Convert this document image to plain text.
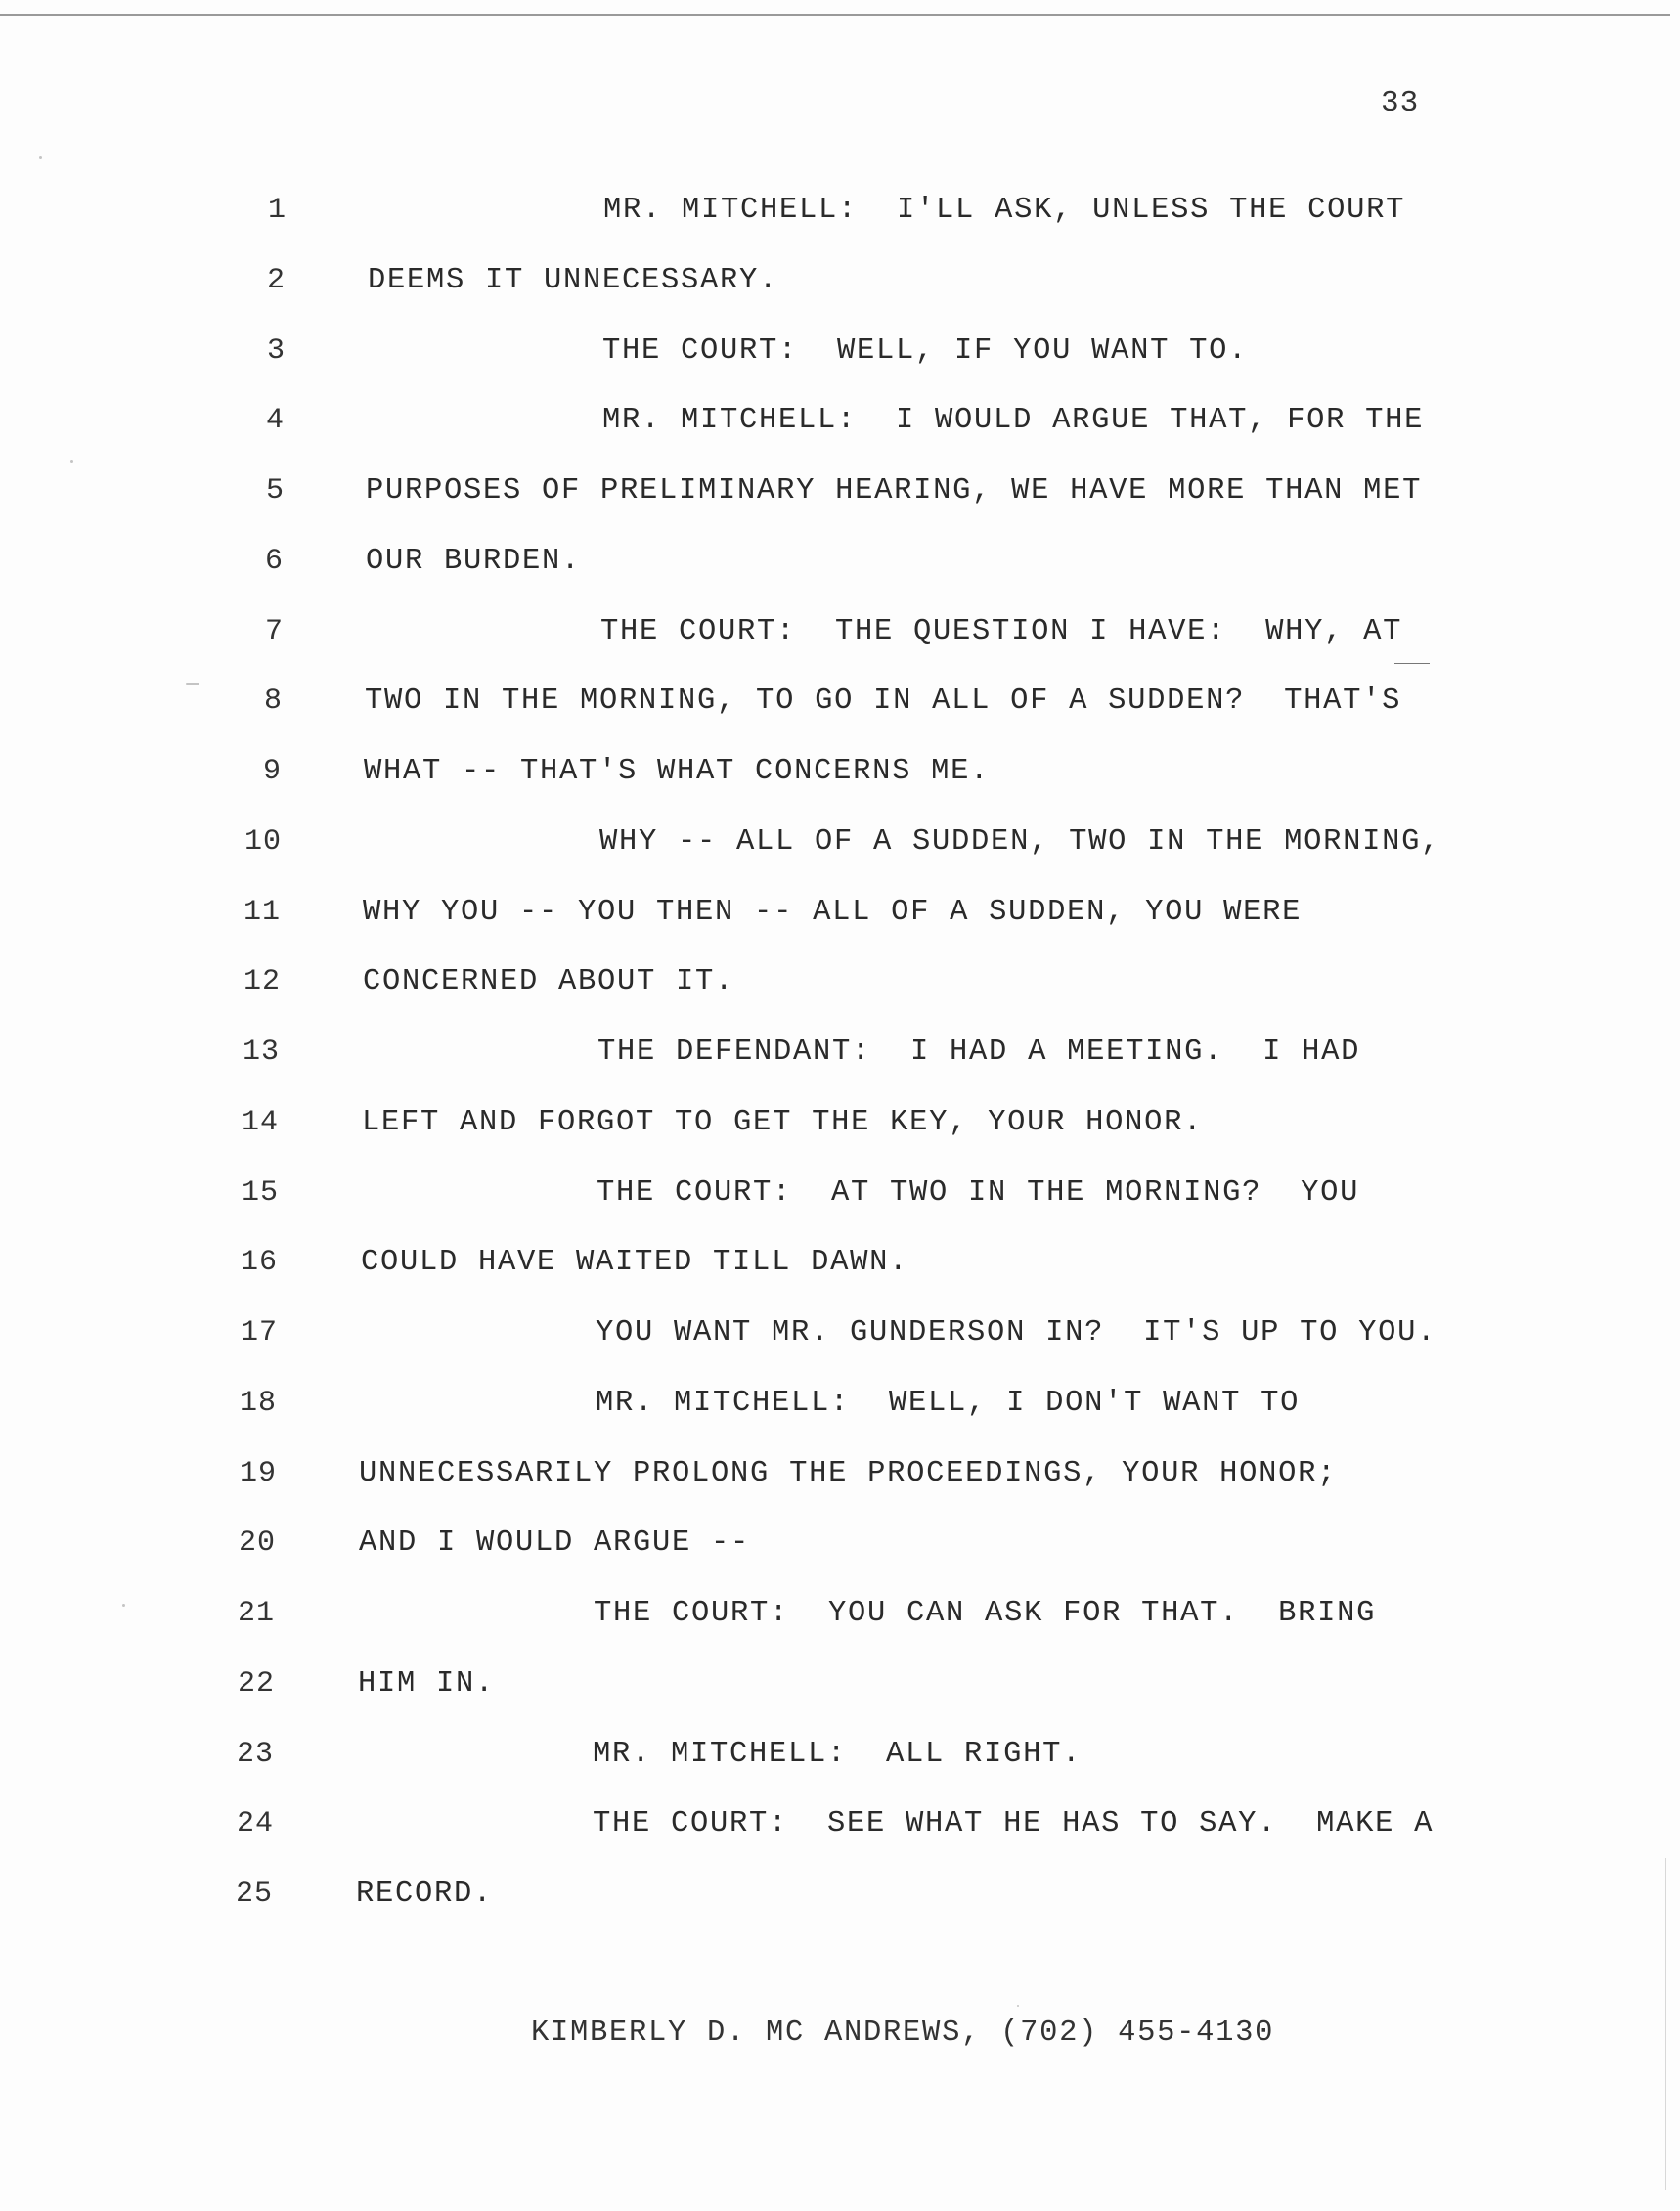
33
1	MR. MITCHELL:  I'LL ASK, UNLESS THE COURT
2	DEEMS IT UNNECESSARY.
3	THE COURT:  WELL, IF YOU WANT TO.
4	MR. MITCHELL:  I WOULD ARGUE THAT, FOR THE
5	PURPOSES OF PRELIMINARY HEARING, WE HAVE MORE THAN MET
6	OUR BURDEN.
7	THE COURT:  THE QUESTION I HAVE:  WHY, AT
8	TWO IN THE MORNING, TO GO IN ALL OF A SUDDEN?  THAT'S
9	WHAT -- THAT'S WHAT CONCERNS ME.
10	WHY -- ALL OF A SUDDEN, TWO IN THE MORNING,
11	WHY YOU -- YOU THEN -- ALL OF A SUDDEN, YOU WERE
12	CONCERNED ABOUT IT.
13	THE DEFENDANT:  I HAD A MEETING.  I HAD
14	LEFT AND FORGOT TO GET THE KEY, YOUR HONOR.
15	THE COURT:  AT TWO IN THE MORNING?  YOU
16	COULD HAVE WAITED TILL DAWN.
17	YOU WANT MR. GUNDERSON IN?  IT'S UP TO YOU.
18	MR. MITCHELL:  WELL, I DON'T WANT TO
19	UNNECESSARILY PROLONG THE PROCEEDINGS, YOUR HONOR;
20	AND I WOULD ARGUE --
21	THE COURT:  YOU CAN ASK FOR THAT.  BRING
22	HIM IN.
23	MR. MITCHELL:  ALL RIGHT.
24	THE COURT:  SEE WHAT HE HAS TO SAY.  MAKE A
25	RECORD.
KIMBERLY D. MC ANDREWS, (702) 455-4130
